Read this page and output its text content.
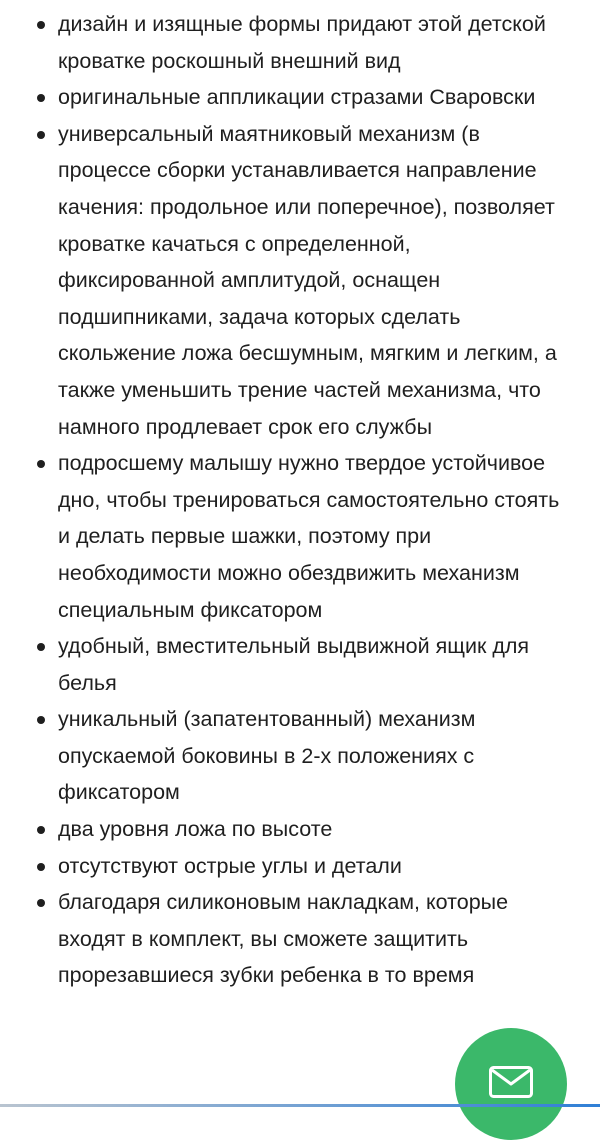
дизайн и изящные формы придают этой детской кроватке роскошный внешний вид
оригинальные аппликации стразами Сваровски
универсальный маятниковый механизм (в процессе сборки устанавливается направление качения: продольное или поперечное), позволяет кроватке качаться с определенной, фиксированной амплитудой, оснащен подшипниками, задача которых сделать скольжение ложа бесшумным, мягким и легким, а также уменьшить трение частей механизма, что намного продлевает срок его службы
подросшему малышу нужно твердое устойчивое дно, чтобы тренироваться самостоятельно стоять и делать первые шажки, поэтому при необходимости можно обездвижить механизм специальным фиксатором
удобный, вместительный выдвижной ящик для белья
уникальный (запатентованный) механизм опускаемой боковины в 2-х положениях с фиксатором
два уровня ложа по высоте
отсутствуют острые углы и детали
благодаря силиконовым накладкам, которые входят в комплект, вы сможете защитить прорезавшиеся зубки ребенка в то время
